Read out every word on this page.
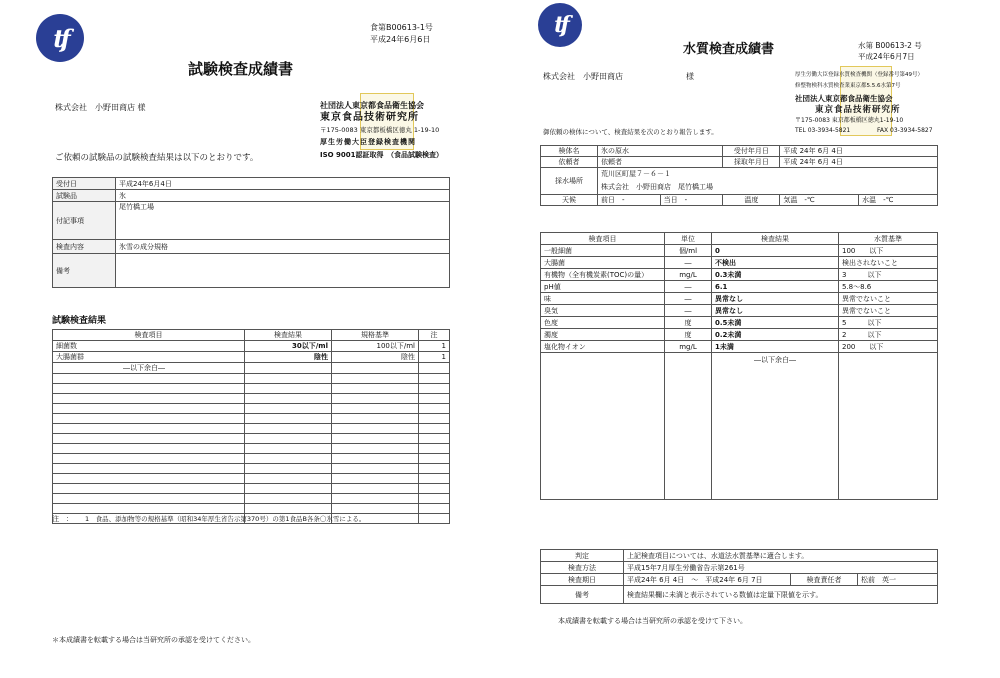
tf	食第B00613-1号
平成24年6月6日
試験検査成績書
株式会社　小野田商店 様	社団法人東京都食品衛生協会
東京食品技術研究所
〒175-0083 東京都板橋区徳丸 1-19-10
厚生労働大臣登録検査機関
ISO 9001認証取得　（食品試験検査）
ご依頼の試験品の試験検査結果は以下のとおりです。
受付日	平成24年6月4日
試験品	氷
付記事項	尾竹橋工場
検査内容	氷雪の成分規格
備考	
試験検査結果
検査項目	検査結果	規格基準	注
細菌数	30以下/ml	100以下/ml	1
大腸菌群	陰性	陰性	1
―以下余白―			

注　： 1　食品、添加物等の規格基準（昭和34年厚生省告示第370号）の第1食品B各条〇氷雪による。
＊本成績書を転載する場合は当研究所の承認を受けてください。
tf
水第 B00613-2 号
平成24年6月7日
水質検査成績書
株式会社　小野田商店	様	厚生労働大臣登録水質検査機関（登録番号第49号）
修整物検科水質検査業東京都5.5.6水第7号
社団法人東京都食品衛生協会
東京食品技術研究所
〒175-0083 東京都板橋区徳丸1-19-10
TEL 03-3934-5821	FAX 03-3934-5827
御依頼の検体について、検査結果を次のとおり報告します。
検体名	氷の原水		受付年月日	平成 24年 6月 4日	
依頼者	依頼者		採取年月日	平成 24年 6月 4日	
採水場所	荒川区町屋７－６－１
株式会社　小野田商店　尾竹橋工場				

天候	前日　 -	当日　 -	温度	気温　 -℃	水温　 -℃
検査項目	単位	検査結果	水質基準
一般細菌	個/ml	0	100　　以下
大腸菌	―	不検出	検出されないこと
有機物（全有機炭素(TOC)の量）	mg/L	0.3未満	3　　　以下
pH値	―	6.1	5.8～8.6
味	―	異常なし	異常でないこと
臭気	―	異常なし	異常でないこと
色度	度	0.5未満	5　　　以下
濁度	度	0.2未満	2　　　以下
塩化物イオン	mg/L	1未満	200　　以下
		―以下余白―	
判定	上記検査項目については、水道法水質基準に適合します。		
検査方法	平成15年7月厚生労働省告示第261号		
検査期日	平成24年 6月 4日　～　平成24年 6月 7日	検査責任者	松前　英一
備考	検査結果欄に未満と表示されている数値は定量下限値を示す。		
本成績書を転載する場合は当研究所の承認を受けて下さい。
